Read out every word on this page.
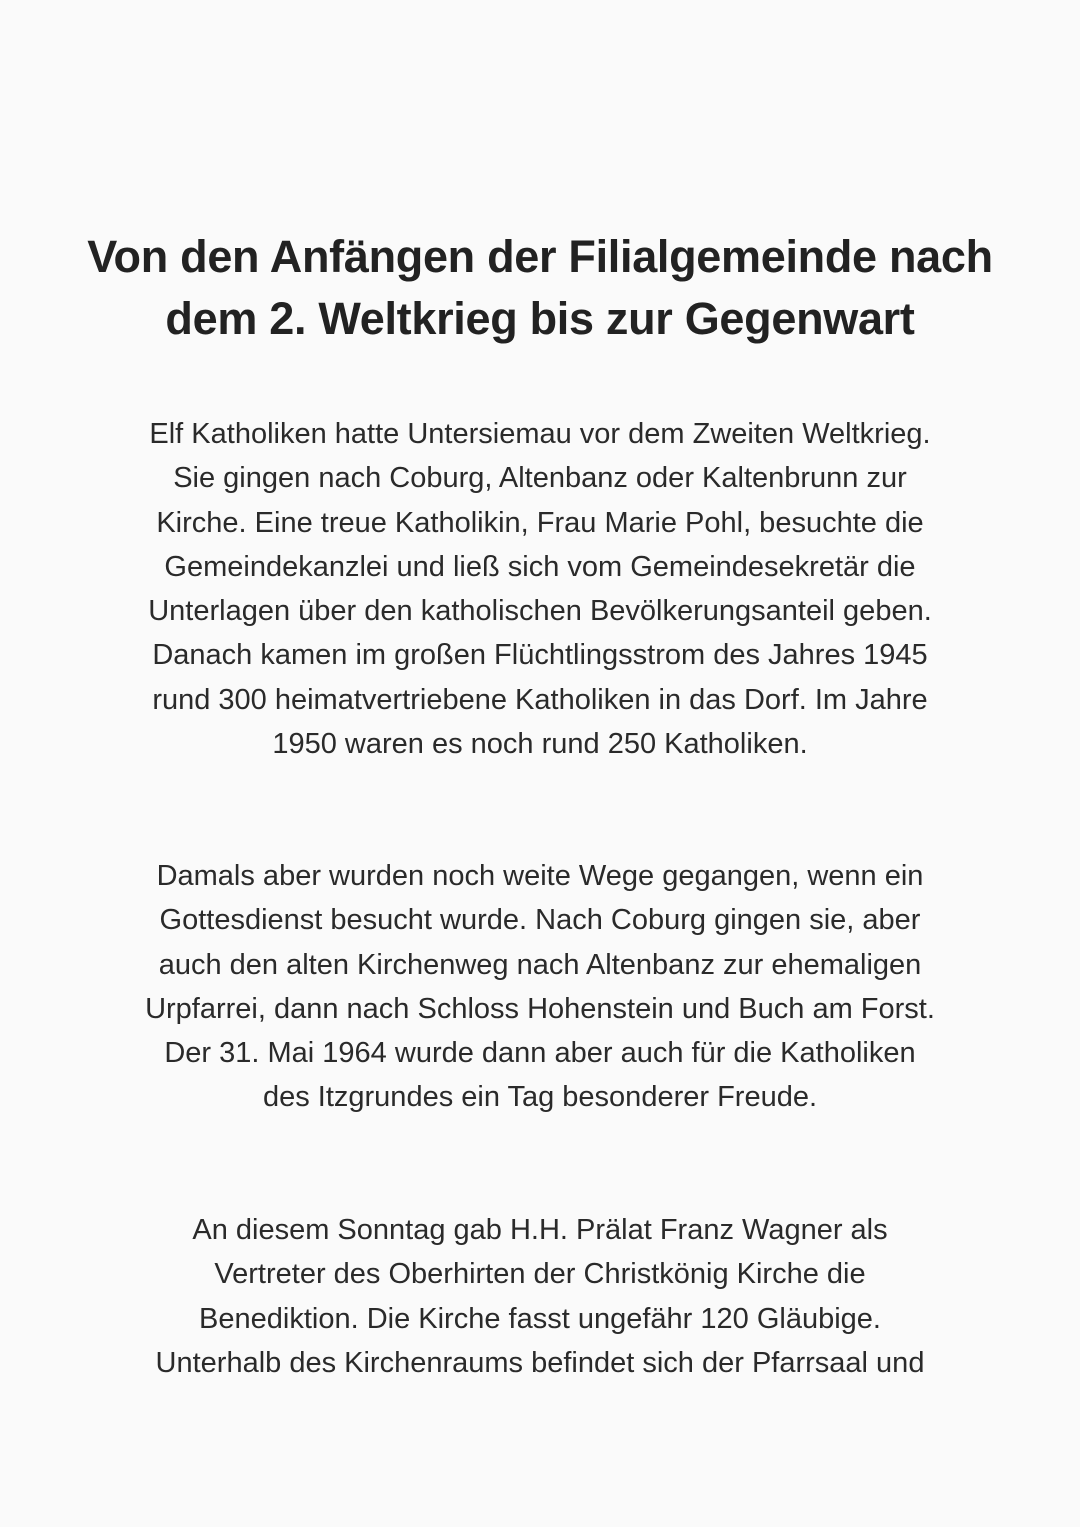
Von den Anfängen der Filialgemeinde nach
dem 2. Weltkrieg bis zur Gegenwart

Elf Katholiken hatte Untersiemau vor dem Zweiten Weltkrieg.
Sie gingen nach Coburg, Altenbanz oder Kaltenbrunn zur
Kirche. Eine treue Katholikin, Frau Marie Pohl, besuchte die
Gemeindekanzlei und ließ sich vom Gemeindesekretär die
Unterlagen über den katholischen Bevölkerungsanteil geben.
Danach kamen im großen Flüchtlingsstrom des Jahres 1945
rund 300 heimatvertriebene Katholiken in das Dorf. Im Jahre
1950 waren es noch rund 250 Katholiken.

Damals aber wurden noch weite Wege gegangen, wenn ein
Gottesdienst besucht wurde. Nach Coburg gingen sie, aber
auch den alten Kirchenweg nach Altenbanz zur ehemaligen
Urpfarrei, dann nach Schloss Hohenstein und Buch am Forst.
Der 31. Mai 1964 wurde dann aber auch für die Katholiken
des Itzgrundes ein Tag besonderer Freude.

An diesem Sonntag gab H.H. Prälat Franz Wagner als
Vertreter des Oberhirten der Christkönig Kirche die
Benediktion. Die Kirche fasst ungefähr 120 Gläubige.
Unterhalb des Kirchenraums befindet sich der Pfarrsaal und
